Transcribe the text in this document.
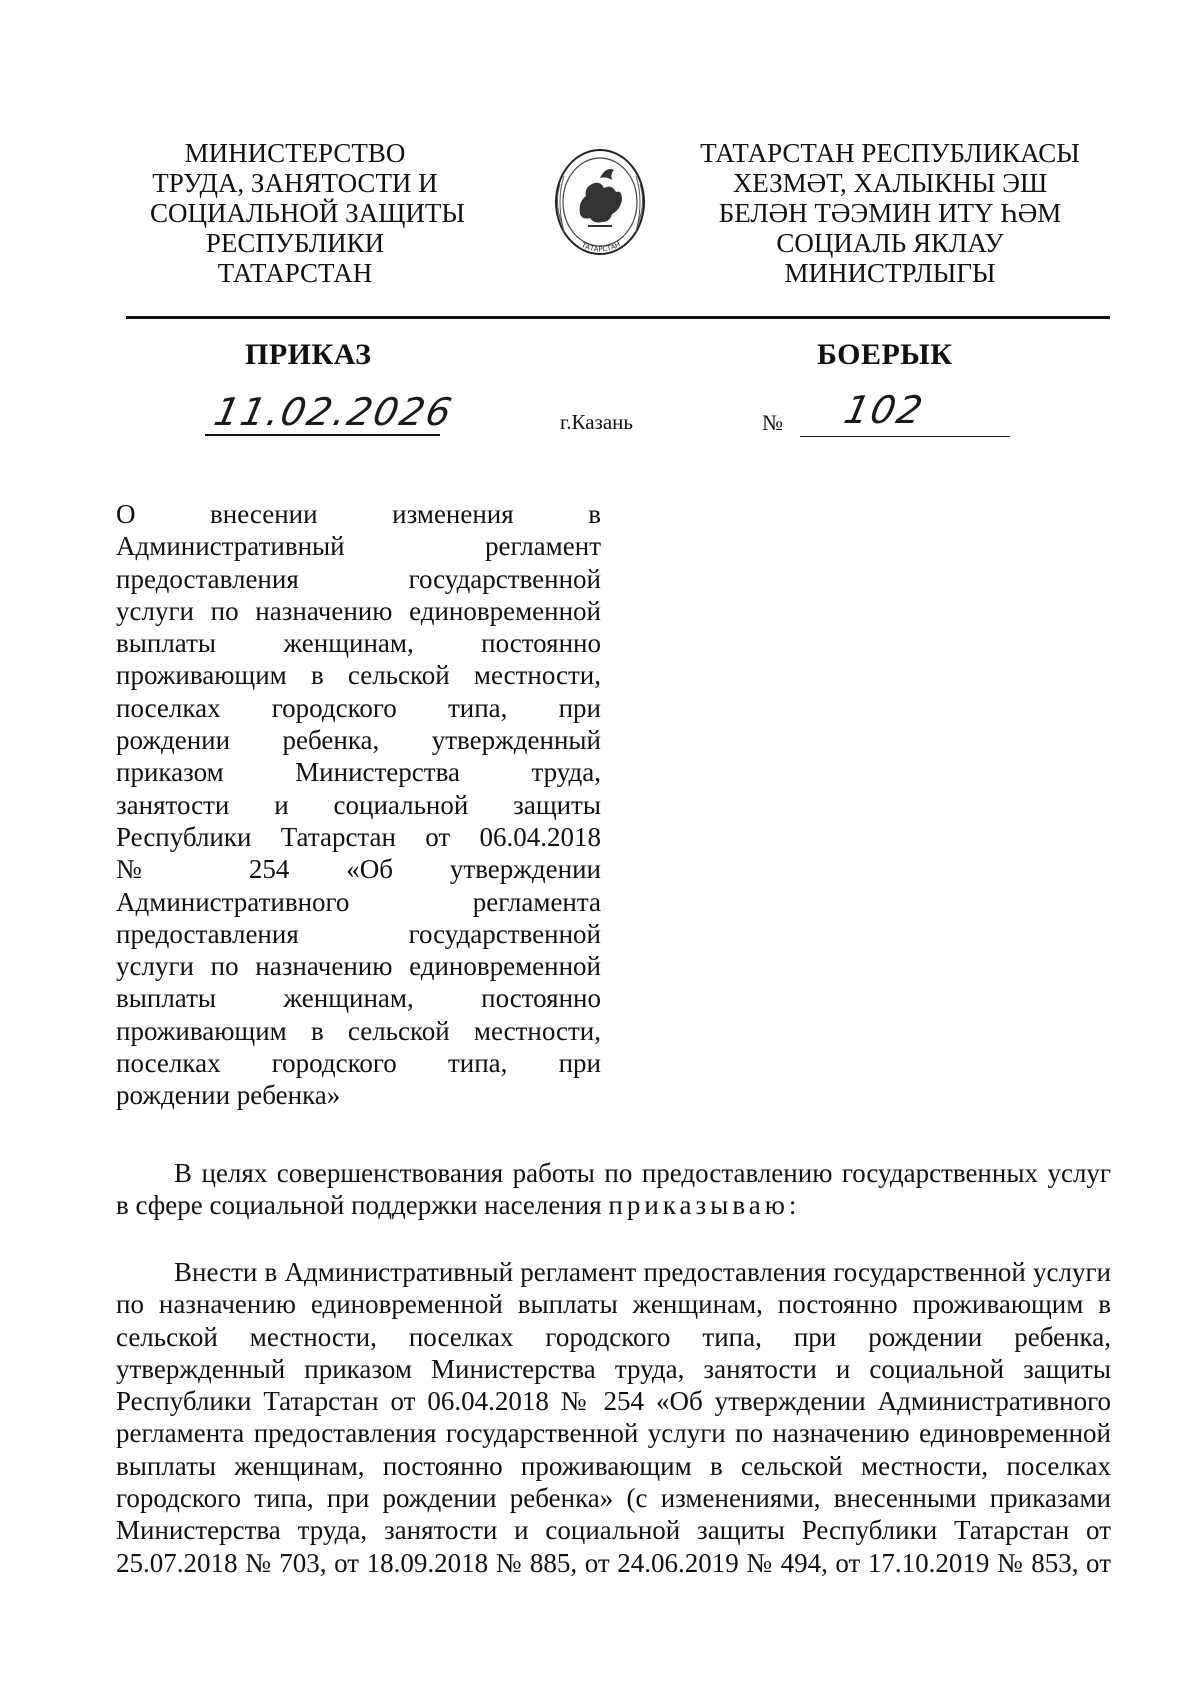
МИНИСТЕРСТВО
ТРУДА, ЗАНЯТОСТИ И
СОЦИАЛЬНОЙ ЗАЩИТЫ
РЕСПУБЛИКИ
ТАТАРСТАН
ТАТАРСТАН
ТАТАРСТАН РЕСПУБЛИКАСЫ
ХЕЗМӘТ, ХАЛЫКНЫ ЭШ
БЕЛӘН ТӘЭМИН ИТҮ ҺӘМ
СОЦИАЛЬ ЯКЛАУ
МИНИСТРЛЫГЫ
ПРИКАЗ	БОЕРЫК
11.02.2026	г.Казань	№ 102
О внесении изменения в
Административный регламент
предоставления государственной
услуги по назначению единовременной
выплаты женщинам, постоянно
проживающим в сельской местности,
поселках городского типа, при
рождении ребенка, утвержденный
приказом Министерства труда,
занятости и социальной защиты
Республики Татарстан от 06.04.2018
№ 254 «Об утверждении
Административного регламента
предоставления государственной
услуги по назначению единовременной
выплаты женщинам, постоянно
проживающим в сельской местности,
поселках городского типа, при
рождении ребенка»
В целях совершенствования работы по предоставлению государственных услуг
в сфере социальной поддержки населения приказываю:
Внести в Административный регламент предоставления государственной услуги
по назначению единовременной выплаты женщинам, постоянно проживающим в
сельской местности, поселках городского типа, при рождении ребенка,
утвержденный приказом Министерства труда, занятости и социальной защиты
Республики Татарстан от 06.04.2018 № 254 «Об утверждении Административного
регламента предоставления государственной услуги по назначению единовременной
выплаты женщинам, постоянно проживающим в сельской местности, поселках
городского типа, при рождении ребенка» (с изменениями, внесенными приказами
Министерства труда, занятости и социальной защиты Республики Татарстан от
25.07.2018 № 703, от 18.09.2018 № 885, от 24.06.2019 № 494, от 17.10.2019 № 853, от
